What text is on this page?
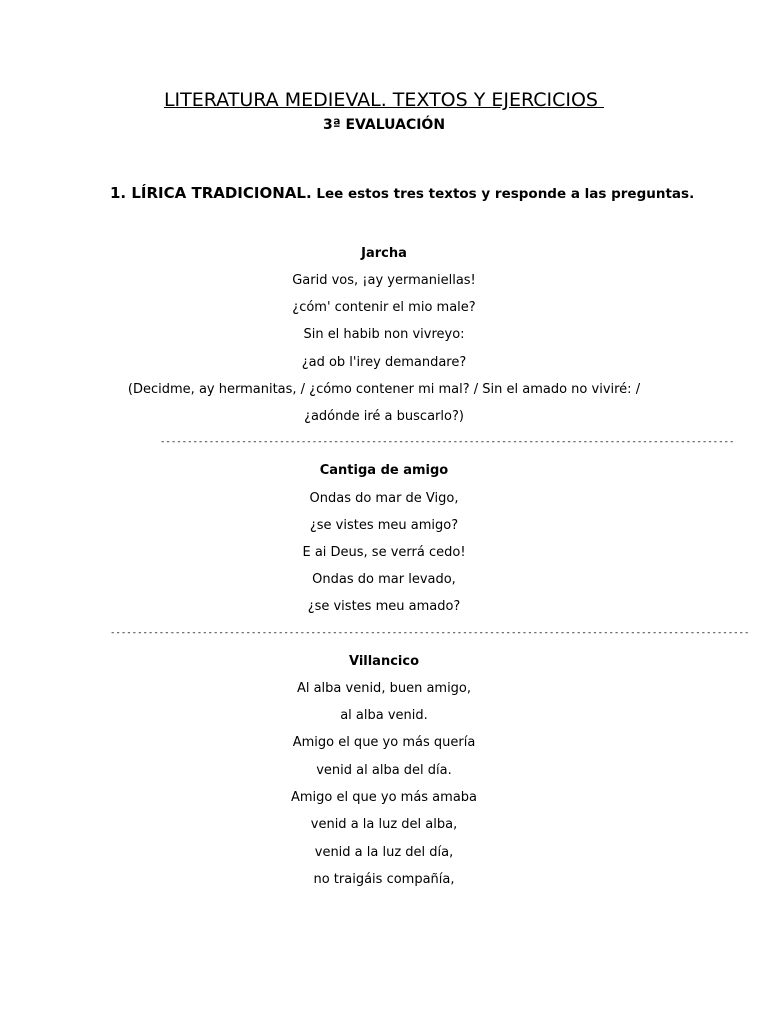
LITERATURA MEDIEVAL. TEXTOS Y EJERCICIOS
3ª EVALUACIÓN
1. LÍRICA TRADICIONAL. Lee estos tres textos y responde a las preguntas.
Jarcha
Garid vos, ¡ay yermaniellas!
¿cóm' contenir el mio male?
Sin el habib non vivreyo:
¿ad ob l'irey demandare?
(Decidme, ay hermanitas, / ¿cómo contener mi mal? / Sin el amado no viviré: /
¿adónde iré a buscarlo?)
----------------------------------------------------------------------------------------------------------
Cantiga de amigo
Ondas do mar de Vigo,
¿se vistes meu amigo?
E ai Deus, se verrá cedo!
Ondas do mar levado,
¿se vistes meu amado?
----------------------------------------------------------------------------------------------------------------------
Villancico
Al alba venid, buen amigo,
al alba venid.
Amigo el que yo más quería
venid al alba del día.
Amigo el que yo más amaba
venid a la luz del alba,
venid a la luz del día,
no traigáis compañía,
